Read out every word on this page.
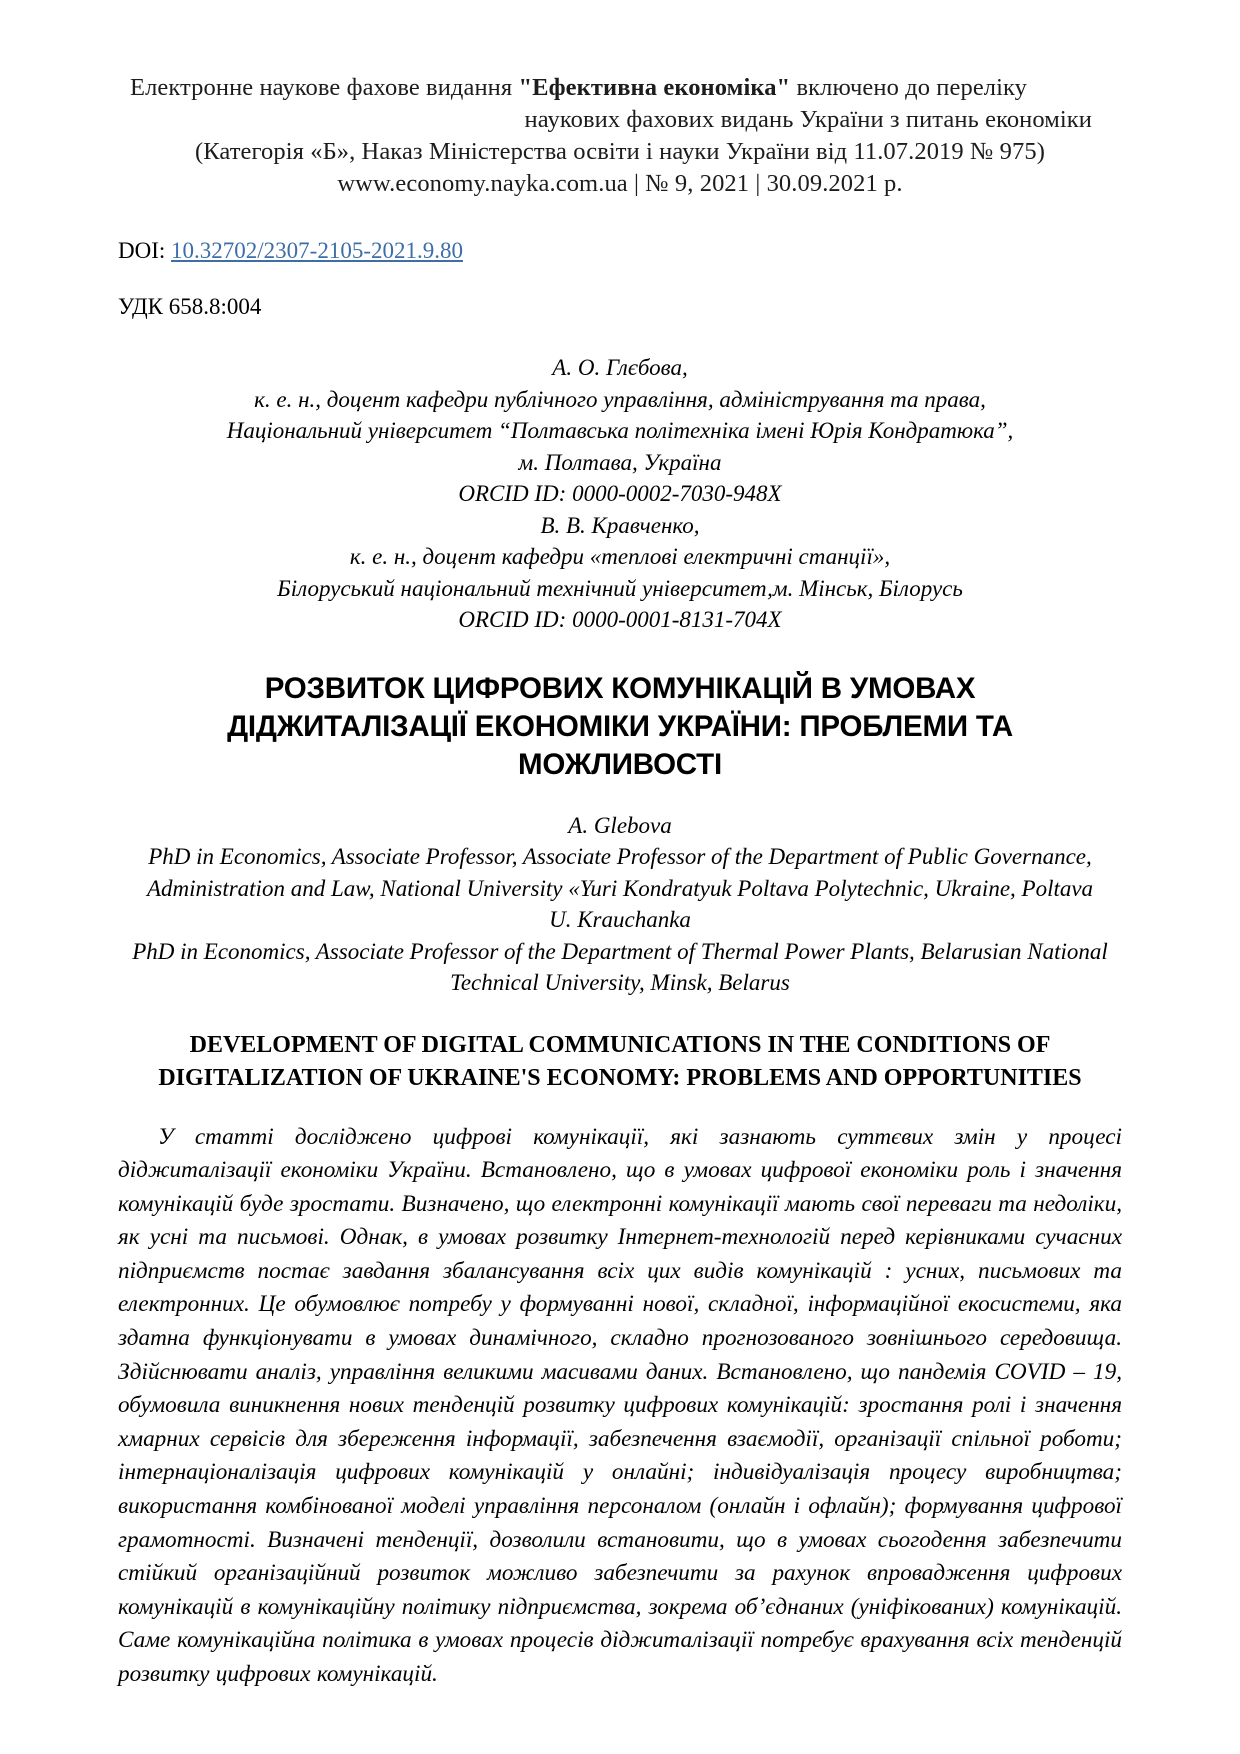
Електронне наукове фахове видання "Ефективна економіка" включено до переліку
наукових фахових видань України з питань економіки
(Категорія «Б», Наказ Міністерства освіти і науки України від 11.07.2019 № 975)
www.economy.nayka.com.ua | № 9, 2021 | 30.09.2021 р.
DOI: 10.32702/2307-2105-2021.9.80
УДК 658.8:004
А. О. Глєбова,
к. е. н., доцент кафедри публічного управління, адміністрування та права,
Національний університет “Полтавська політехніка імені Юрія Кондратюка”,
м. Полтава, Україна
ORCID ID: 0000-0002-7030-948X
В. В. Кравченко,
к. е. н., доцент кафедри «теплові електричні станції»,
Білоруський національний технічний університет,м. Мінськ, Білорусь
ORCID ID: 0000-0001-8131-704X
РОЗВИТОК ЦИФРОВИХ КОМУНІКАЦІЙ В УМОВАХ ДІДЖИТАЛІЗАЦІЇ ЕКОНОМІКИ УКРАЇНИ: ПРОБЛЕМИ ТА МОЖЛИВОСТІ
A. Glebova
PhD in Economics, Associate Professor, Associate Professor of the Department of Public Governance, Administration and Law, National University «Yuri Kondratyuk Poltava Polytechnic, Ukraine, Poltava
U. Krauchanka
PhD in Economics, Associate Professor of the Department of Thermal Power Plants, Belarusian National Technical University, Minsk, Belarus
DEVELOPMENT OF DIGITAL COMMUNICATIONS IN THE CONDITIONS OF DIGITALIZATION OF UKRAINE'S ECONOMY: PROBLEMS AND OPPORTUNITIES
У статті досліджено цифрові комунікації, які зазнають суттєвих змін у процесі діджиталізації економіки України. Встановлено, що в умовах цифрової економіки роль і значення комунікацій буде зростати. Визначено, що електронні комунікації мають свої переваги та недоліки, як усні та письмові. Однак, в умовах розвитку Інтернет-технологій перед керівниками сучасних підприємств постає завдання збалансування всіх цих видів комунікацій : усних, письмових та електронних. Це обумовлює потребу у формуванні нової, складної, інформаційної екосистеми, яка здатна функціонувати в умовах динамічного, складно прогнозованого зовнішнього середовища. Здійснювати аналіз, управління великими масивами даних. Встановлено, що пандемія COVID – 19, обумовила виникнення нових тенденцій розвитку цифрових комунікацій: зростання ролі і значення хмарних сервісів для збереження інформації, забезпечення взаємодії, організації спільної роботи; інтернаціоналізація цифрових комунікацій у онлайні; індивідуалізація процесу виробництва; використання комбінованої моделі управління персоналом (онлайн і офлайн); формування цифрової грамотності. Визначені тенденції, дозволили встановити, що в умовах сьогодення забезпечити стійкий організаційний розвиток можливо забезпечити за рахунок впровадження цифрових комунікацій в комунікаційну політику підприємства, зокрема об’єднаних (уніфікованих) комунікацій. Саме комунікаційна політика в умовах процесів діджиталізації потребує врахування всіх тенденцій розвитку цифрових комунікацій.
